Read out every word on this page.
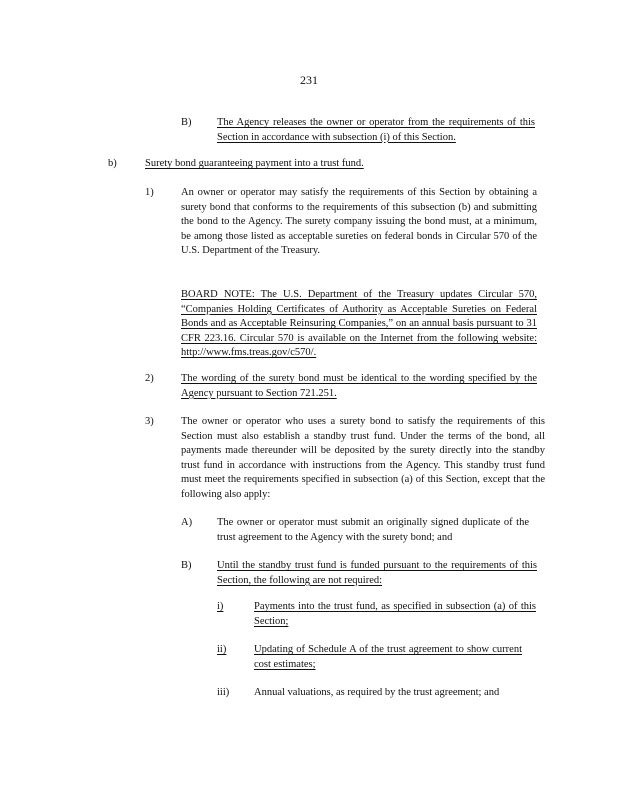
231
B) The Agency releases the owner or operator from the requirements of this Section in accordance with subsection (i) of this Section.
b)	Surety bond guaranteeing payment into a trust fund.
1)	An owner or operator may satisfy the requirements of this Section by obtaining a surety bond that conforms to the requirements of this subsection (b) and submitting the bond to the Agency. The surety company issuing the bond must, at a minimum, be among those listed as acceptable sureties on federal bonds in Circular 570 of the U.S. Department of the Treasury.
BOARD NOTE: The U.S. Department of the Treasury updates Circular 570, “Companies Holding Certificates of Authority as Acceptable Sureties on Federal Bonds and as Acceptable Reinsuring Companies,” on an annual basis pursuant to 31 CFR 223.16. Circular 570 is available on the Internet from the following website: http://www.fms.treas.gov/c570/.
2)	The wording of the surety bond must be identical to the wording specified by the Agency pursuant to Section 721.251.
3)	The owner or operator who uses a surety bond to satisfy the requirements of this Section must also establish a standby trust fund. Under the terms of the bond, all payments made thereunder will be deposited by the surety directly into the standby trust fund in accordance with instructions from the Agency. This standby trust fund must meet the requirements specified in subsection (a) of this Section, except that the following also apply:
A) The owner or operator must submit an originally signed duplicate of the trust agreement to the Agency with the surety bond; and
B) Until the standby trust fund is funded pursuant to the requirements of this Section, the following are not required:
i)	Payments into the trust fund, as specified in subsection (a) of this Section;
ii)	Updating of Schedule A of the trust agreement to show current cost estimates;
iii) Annual valuations, as required by the trust agreement; and
